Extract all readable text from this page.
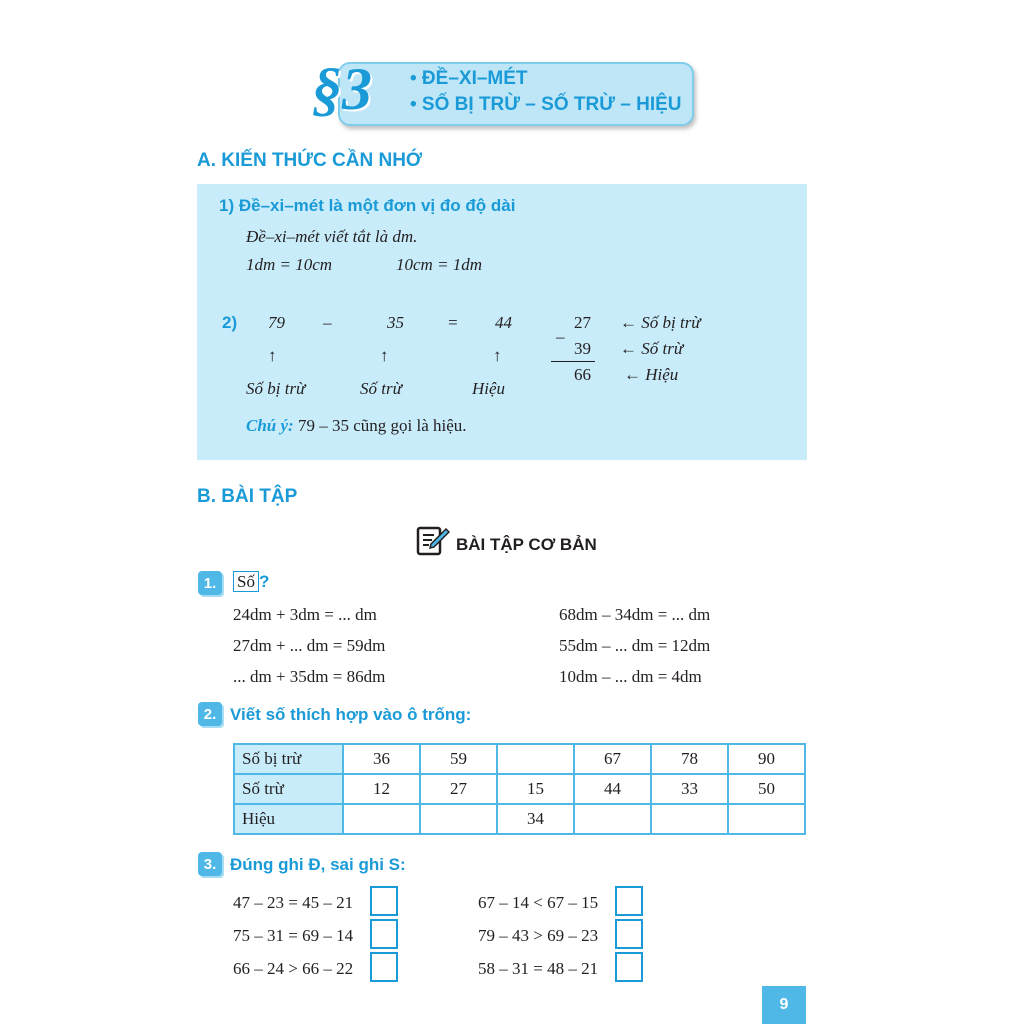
§3 • ĐỀ–XI–MÉT
• SỐ BỊ TRỪ – SỐ TRỪ – HIỆU
A. KIẾN THỨC CẦN NHỚ
1) Đề–xi–mét là một đơn vị đo độ dài
Đề–xi–mét viết tắt là dm.
1dm = 10cm	10cm = 1dm
2) 79 –	35	= 44
↑	↑	↑
Số bị trừ	Số trừ	Hiệu
27
–
39
66
← Số bị trừ
← Số trừ
← Hiệu
Chú ý: 79 – 35 cũng gọi là hiệu.
B. BÀI TẬP
BÀI TẬP CƠ BẢN
1.	Số ?
24dm + 3dm = ... dm
27dm + ... dm = 59dm
... dm + 35dm = 86dm
68dm – 34dm = ... dm
55dm – ... dm = 12dm
10dm – ... dm = 4dm
2. Viết số thích hợp vào ô trống:
Số bị trừ	36	59		67	78	90
Số trừ	12	27	15	44	33	50
Hiệu			34			
3. Đúng ghi Đ, sai ghi S:
47 – 23 = 45 – 21
75 – 31 = 69 – 14
66 – 24 > 66 – 22
67 – 14 < 67 – 15
79 – 43 > 69 – 23
58 – 31 = 48 – 21
9
